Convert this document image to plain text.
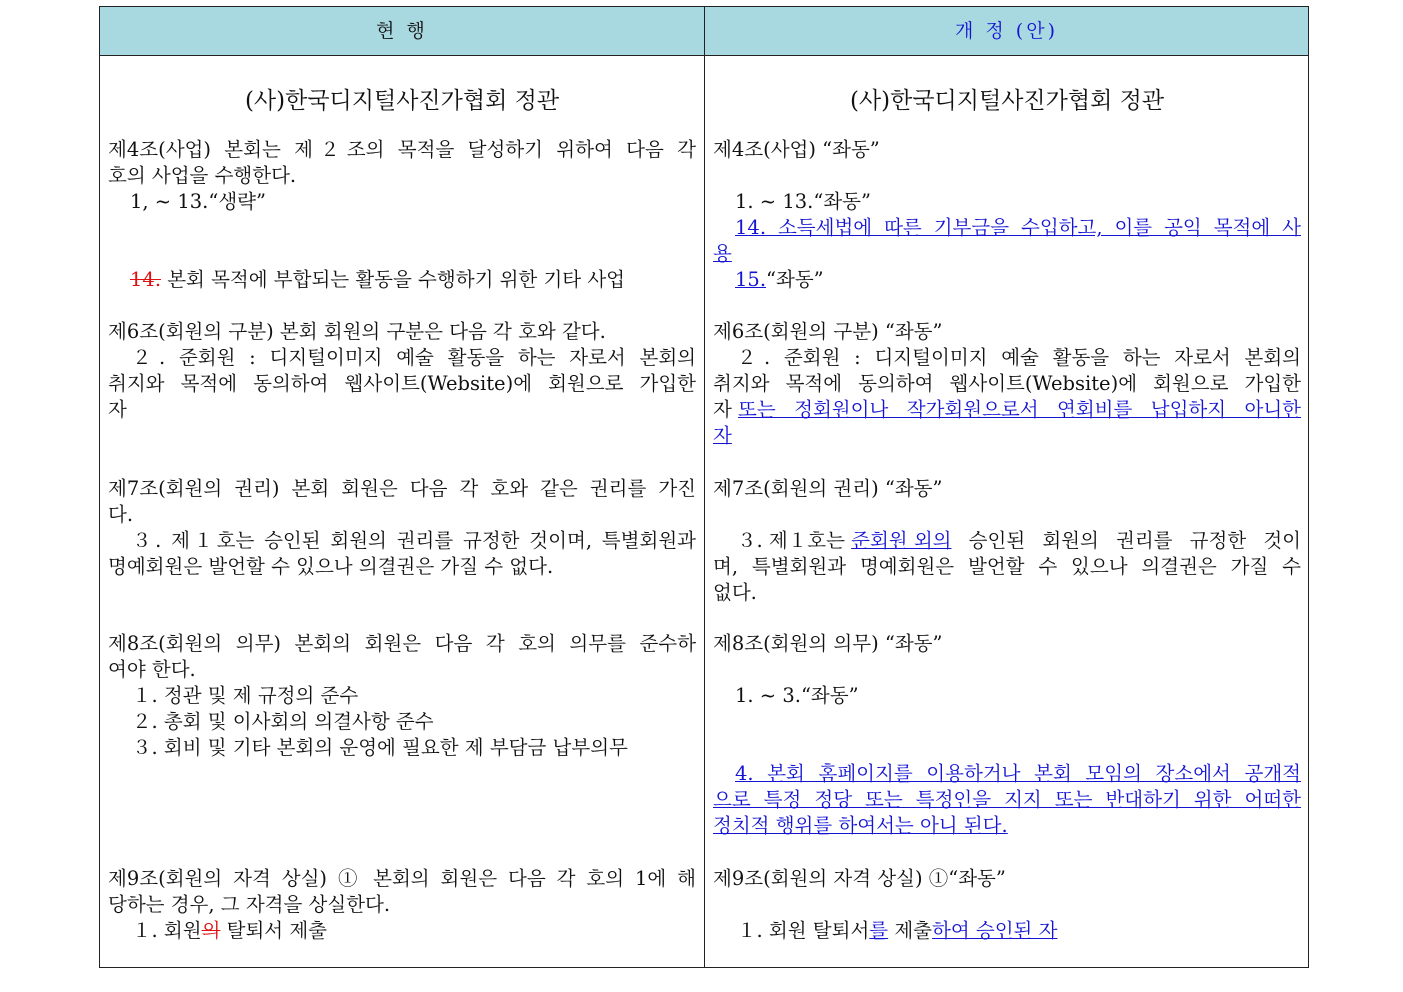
현 행	개 정 (안)
(사)한국디지털사진가협회 정관
제4조(사업) 본회는 제２조의 목적을 달성하기 위하여 다음 각
호의 사업을 수행한다.
1, ~ 13.“생략”
14. 본회 목적에 부합되는 활동을 수행하기 위한 기타 사업
제6조(회원의 구분) 본회 회원의 구분은 다음 각 호와 같다.
２. 준회원 : 디지털이미지 예술 활동을 하는 자로서 본회의
취지와 목적에 동의하여 웹사이트(Website)에 회원으로 가입한
자
제7조(회원의 권리) 본회 회원은 다음 각 호와 같은 권리를 가진
다.
３. 제１호는 승인된 회원의 권리를 규정한 것이며, 특별회원과
명예회원은 발언할 수 있으나 의결권은 가질 수 없다.
제8조(회원의 의무) 본회의 회원은 다음 각 호의 의무를 준수하
여야 한다.
１. 정관 및 제 규정의 준수
２. 총회 및 이사회의 의결사항 준수
３. 회비 및 기타 본회의 운영에 필요한 제 부담금 납부의무
제9조(회원의 자격 상실) ① 본회의 회원은 다음 각 호의 1에 해
당하는 경우, 그 자격을 상실한다.
１. 회원의 탈퇴서 제출
(사)한국디지털사진가협회 정관
제4조(사업) “좌동”
1. ~ 13.“좌동”
14. 소득세법에 따른 기부금을 수입하고, 이를 공익 목적에 사
용
15.“좌동”
제6조(회원의 구분) “좌동”
２. 준회원 : 디지털이미지 예술 활동을 하는 자로서 본회의
취지와 목적에 동의하여 웹사이트(Website)에 회원으로 가입한
자 또는 정회원이나 작가회원으로서 연회비를 납입하지 아니한
자
제7조(회원의 권리) “좌동”
３. 제１호는 준회원 외의 승인된 회원의 권리를 규정한 것이
며, 특별회원과 명예회원은 발언할 수 있으나 의결권은 가질 수
없다.
제8조(회원의 의무) “좌동”
1. ~ 3.“좌동”
4. 본회 홈페이지를 이용하거나 본회 모임의 장소에서 공개적
으로 특정 정당 또는 특정인을 지지 또는 반대하기 위한 어떠한
정치적 행위를 하여서는 아니 된다.
제9조(회원의 자격 상실) ①“좌동”
１. 회원 탈퇴서를 제출하여 승인된 자
